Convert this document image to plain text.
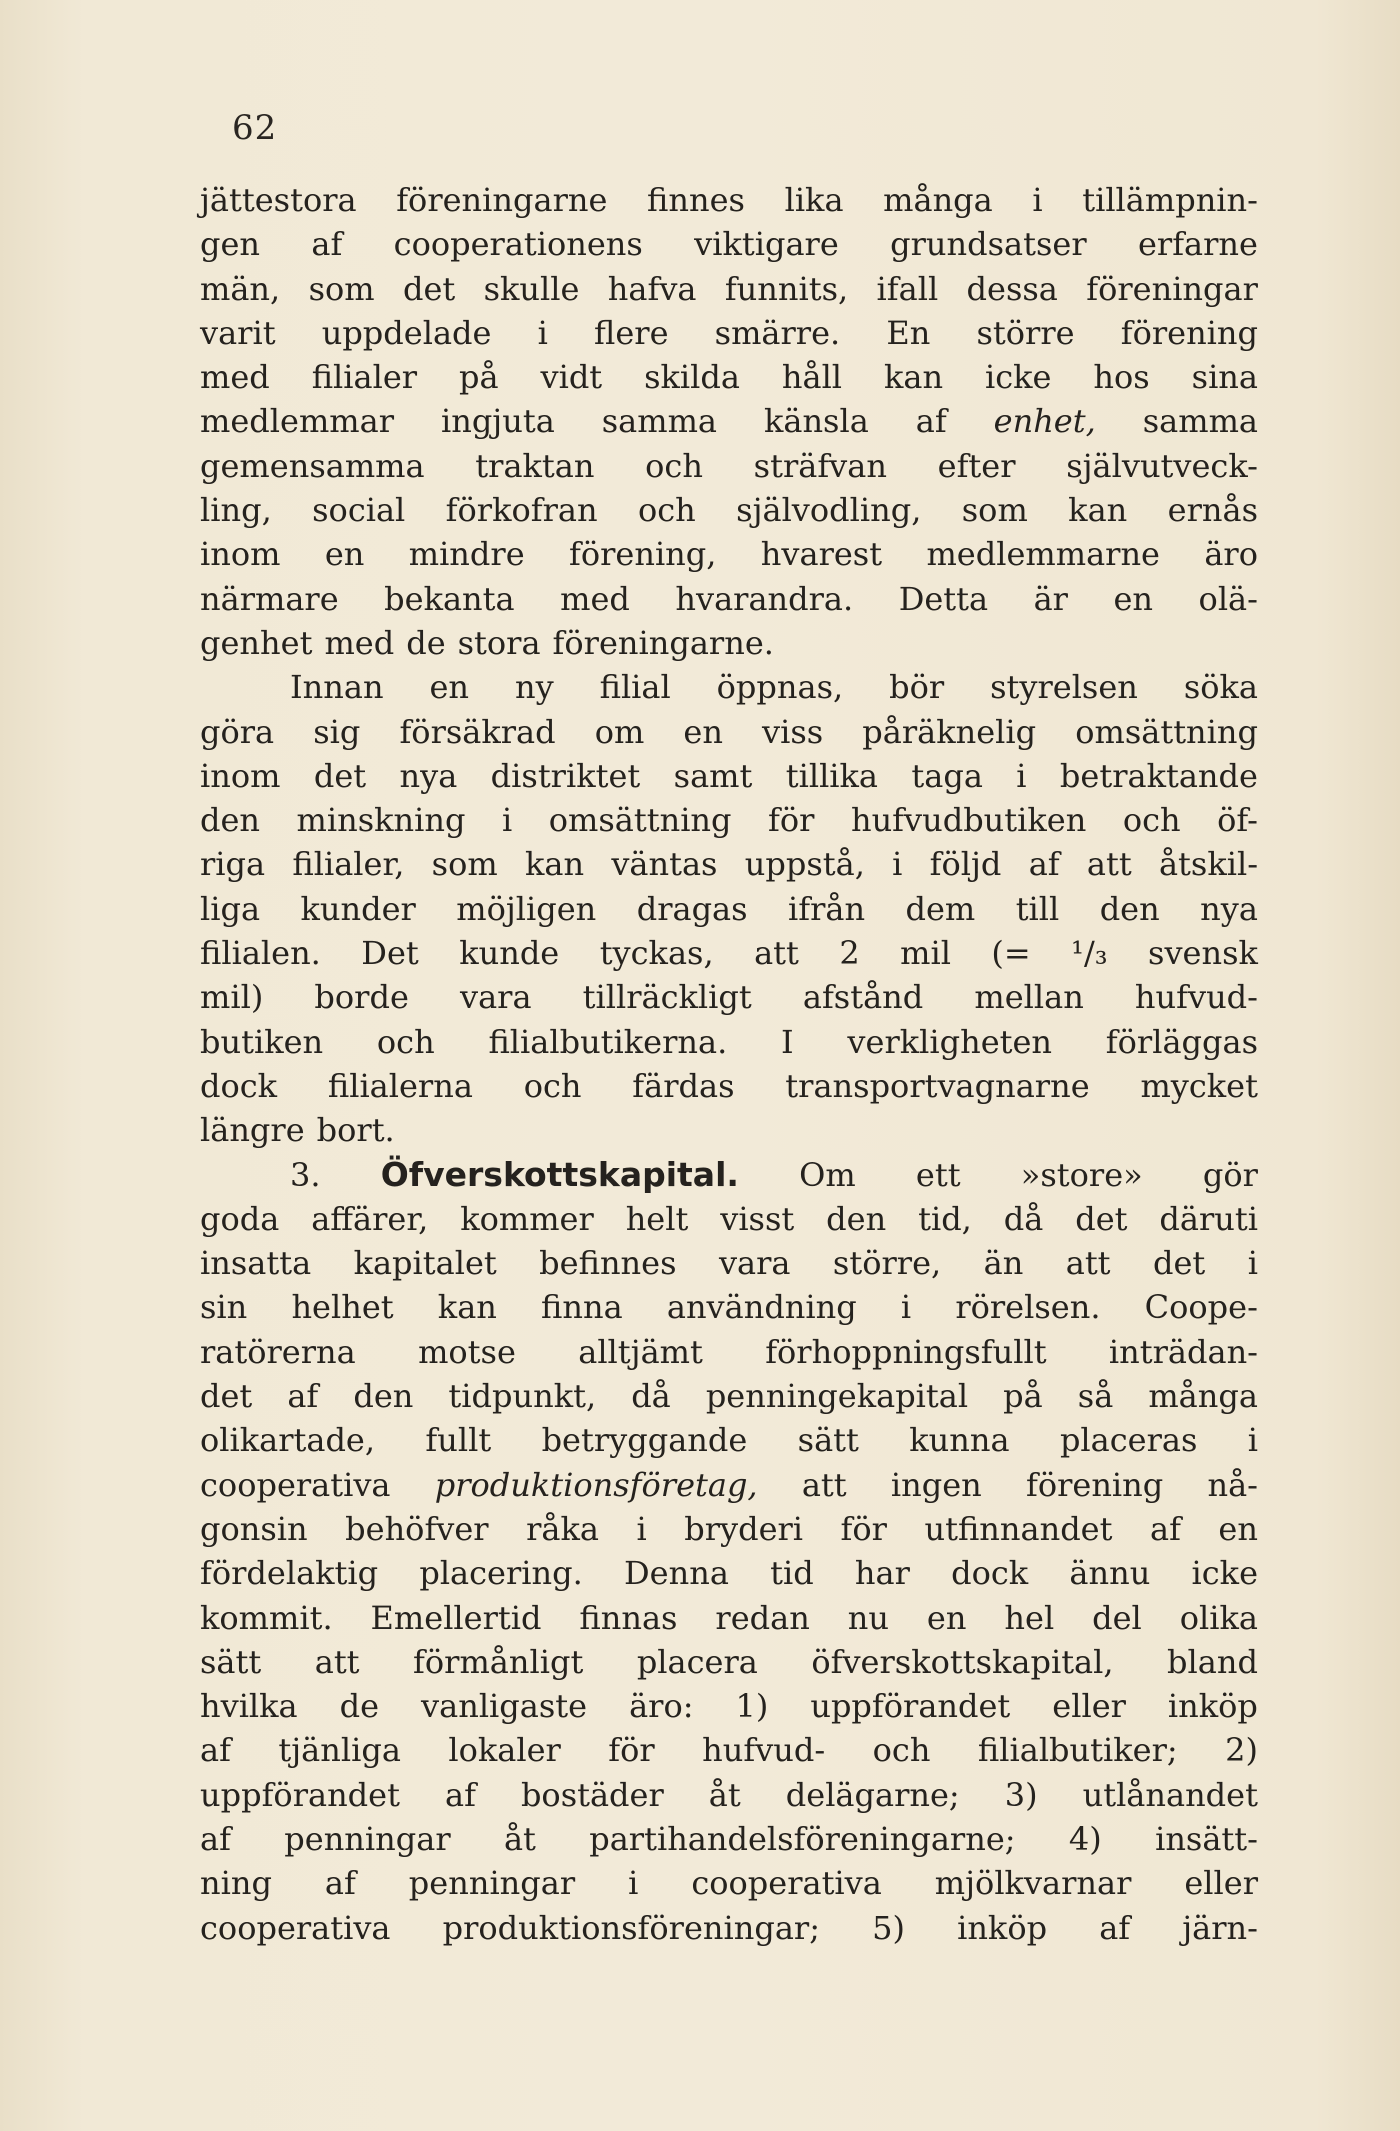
62
jättestora föreningarne finnes lika många i tillämpnin-
gen af cooperationens viktigare grundsatser erfarne
män, som det skulle hafva funnits, ifall dessa föreningar
varit uppdelade i flere smärre. En större förening
med filialer på vidt skilda håll kan icke hos sina
medlemmar ingjuta samma känsla af enhet, samma
gemensamma traktan och sträfvan efter självutveck-
ling, social förkofran och självodling, som kan ernås
inom en mindre förening, hvarest medlemmarne äro
närmare bekanta med hvarandra. Detta är en olä-
genhet med de stora föreningarne.
Innan en ny filial öppnas, bör styrelsen söka
göra sig försäkrad om en viss påräknelig omsättning
inom det nya distriktet samt tillika taga i betraktande
den minskning i omsättning för hufvudbutiken och öf-
riga filialer, som kan väntas uppstå, i följd af att åtskil-
liga kunder möjligen dragas ifrån dem till den nya
filialen. Det kunde tyckas, att 2 mil (= ¹/₃ svensk
mil) borde vara tillräckligt afstånd mellan hufvud-
butiken och filialbutikerna. I verkligheten förläggas
dock filialerna och färdas transportvagnarne mycket
längre bort.
3. Öfverskottskapital. Om ett »store» gör
goda affärer, kommer helt visst den tid, då det däruti
insatta kapitalet befinnes vara större, än att det i
sin helhet kan finna användning i rörelsen. Coope-
ratörerna motse alltjämt förhoppningsfullt inträdan-
det af den tidpunkt, då penningekapital på så många
olikartade, fullt betryggande sätt kunna placeras i
cooperativa produktionsföretag, att ingen förening nå-
gonsin behöfver råka i bryderi för utfinnandet af en
fördelaktig placering. Denna tid har dock ännu icke
kommit. Emellertid finnas redan nu en hel del olika
sätt att förmånligt placera öfverskottskapital, bland
hvilka de vanligaste äro: 1) uppförandet eller inköp
af tjänliga lokaler för hufvud- och filialbutiker; 2)
uppförandet af bostäder åt delägarne; 3) utlånandet
af penningar åt partihandelsföreningarne; 4) insätt-
ning af penningar i cooperativa mjölkvarnar eller
cooperativa produktionsföreningar; 5) inköp af järn-
